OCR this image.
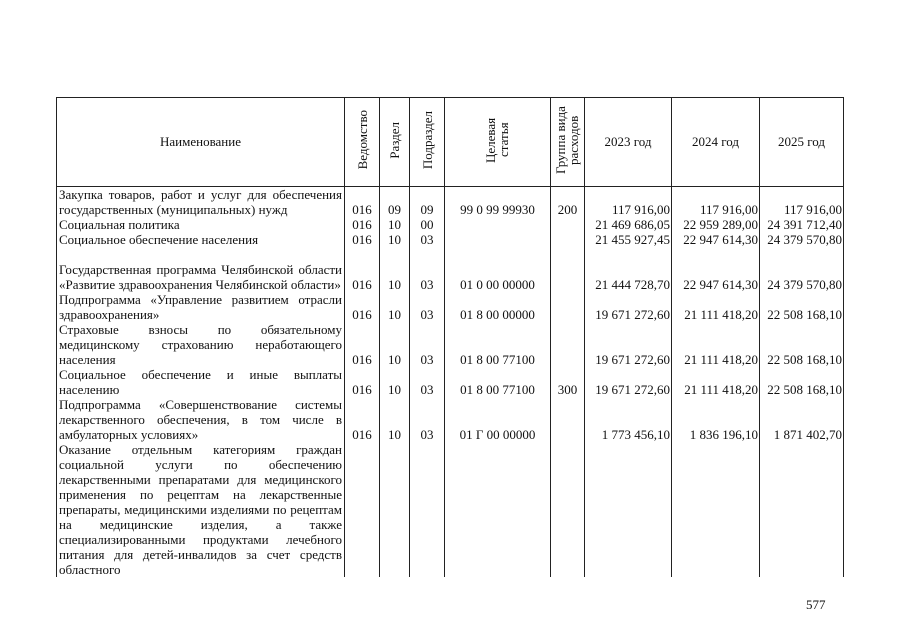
Наименование	Ведомство	Раздел	Подраздел	Целевая статья	Группа вида расходов	2023 год	2024 год	2025 год
Закупка товаров, работ и услуг для обеспечения государственных (муниципальных) нужд	016	09	09	99 0 99 99930	200	117 916,00	117 916,00	117 916,00
Социальная политика	016	10	00			21 469 686,05	22 959 289,00	24 391 712,40
Социальное обеспечение населения	016	10	03			21 455 927,45	22 947 614,30	24 379 570,80
Государственная программа Челябинской области «Развитие здравоохранения Челябинской области»	016	10	03	01 0 00 00000		21 444 728,70	22 947 614,30	24 379 570,80
Подпрограмма «Управление развитием отрасли здравоохранения»	016	10	03	01 8 00 00000		19 671 272,60	21 111 418,20	22 508 168,10
Страховые взносы по обязательному медицинскому страхованию неработающего населения	016	10	03	01 8 00 77100		19 671 272,60	21 111 418,20	22 508 168,10
Социальное обеспечение и иные выплаты населению	016	10	03	01 8 00 77100	300	19 671 272,60	21 111 418,20	22 508 168,10
Подпрограмма «Совершенствование системы лекарственного обеспечения, в том числе в амбулаторных условиях»	016	10	03	01 Г 00 00000		1 773 456,10	1 836 196,10	1 871 402,70
Оказание отдельным категориям граждан социальной услуги по обеспечению лекарственными препаратами для медицинского применения по рецептам на лекарственные препараты, медицинскими изделиями по рецептам на медицинские изделия, а также специализированными продуктами лечебного питания для детей-инвалидов за счет средств областного								
577
